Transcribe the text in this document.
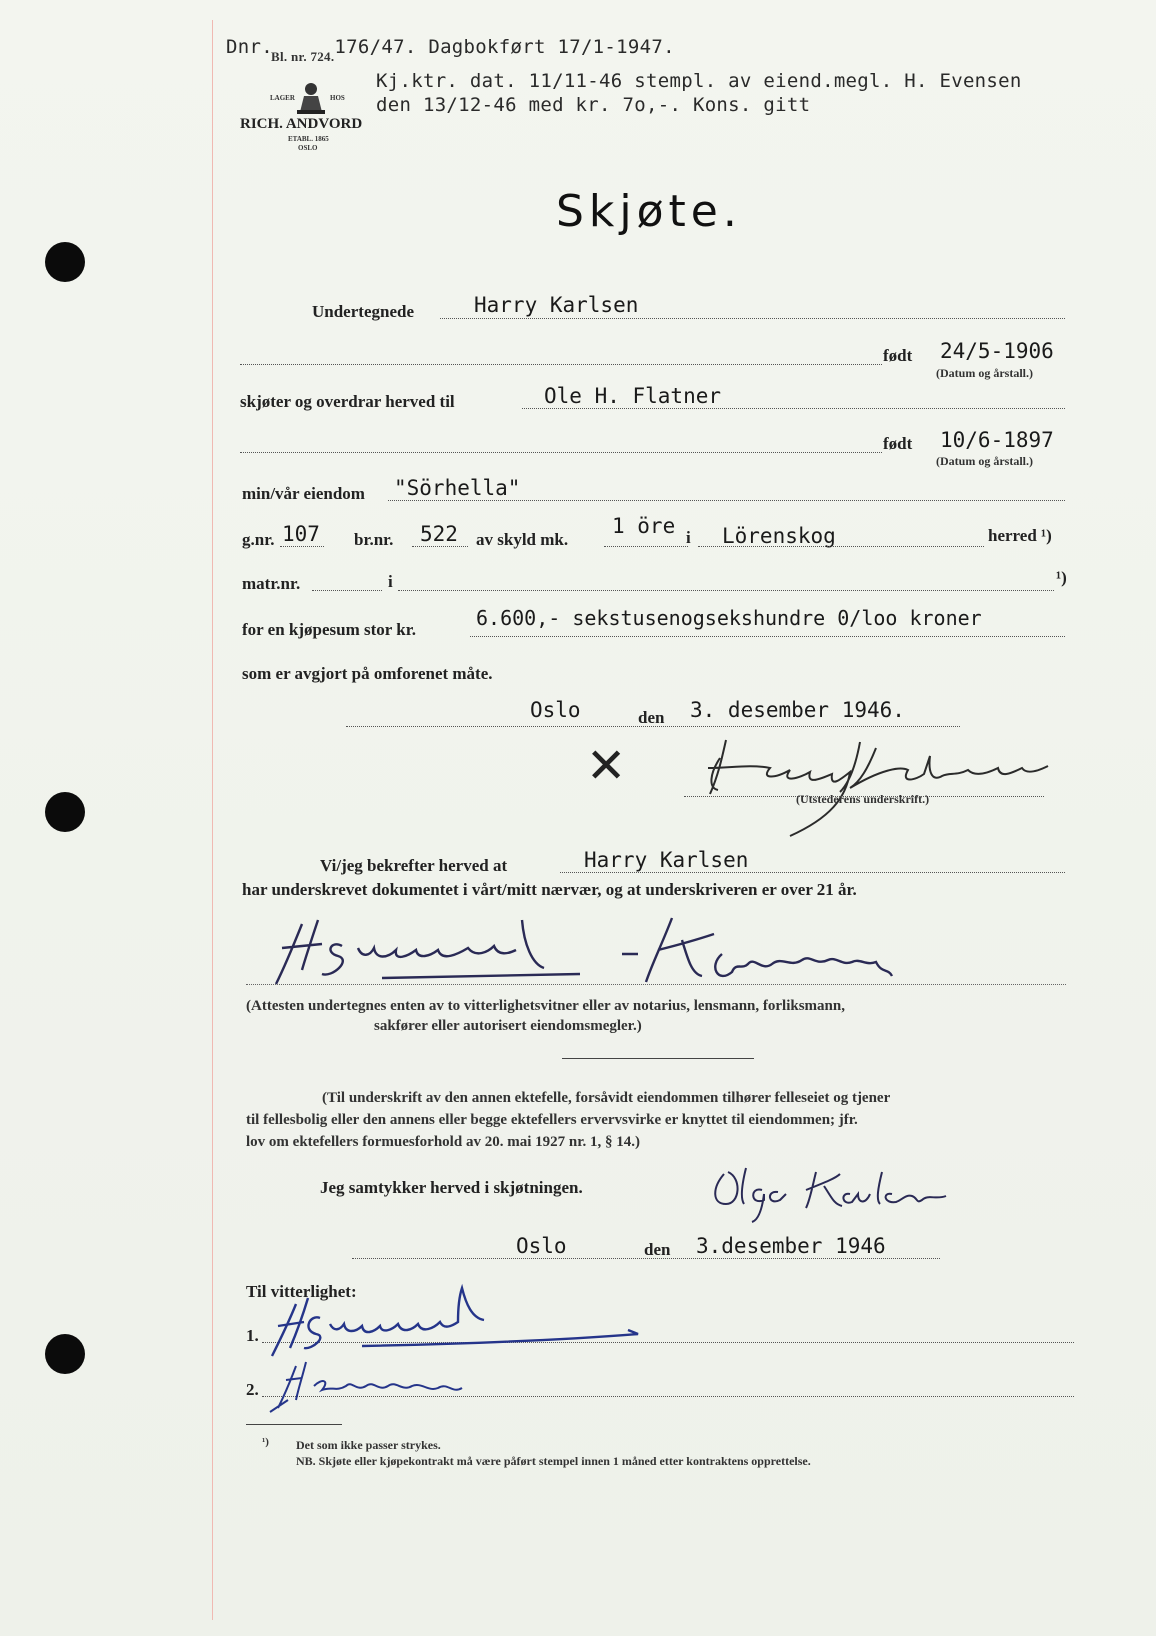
$Dnr._{Bl. nr. 724.}176/47$. Dagbokført 17/1-1947.
Kj.ktr. dat. 11/11-46 stempl. av eiend.megl. H. Evensen
den 13/12-46 med kr. 7o,-. Kons. gitt
LAGER	HOS
RICH. ANDVORD
ETABL. 1865
OSLO
Skjøte.
Undertegnede	Harry Karlsen
født 24/5-1906
(Datum og årstall.)
skjøter og overdrar herved til	Ole H. Flatner
født 10/6-1897
(Datum og årstall.)
min/vår eiendom "Sörhella"
g.nr. 107 br.nr. 522 av skyld mk.
1 öre i Lörenskog	herred ¹)
matr.nr.	i	¹)
for en kjøpesum stor kr.	6.600,- sekstusenogsekshundre 0/loo kroner
som er avgjort på omforenet måte.
Oslo	den 3. desember 1946.
✕
(Utstederens underskrift.)
Vi/jeg bekrefter herved at	Harry Karlsen
har underskrevet dokumentet i vårt/mitt nærvær, og at underskriveren er over 21 år.
(Attesten undertegnes enten av to vitterlighetsvitner eller av notarius, lensmann, forliksmann,
sakfører eller autorisert eiendomsmegler.)
(Til underskrift av den annen ektefelle, forsåvidt eiendommen tilhører felleseiet og tjener
til fellesbolig eller den annens eller begge ektefellers ervervsvirke er knyttet til eiendommen; jfr.
lov om ektefellers formuesforhold av 20. mai 1927 nr. 1, § 14.)
Jeg samtykker herved i skjøtningen.
Oslo	den 3.desember 1946
Til vitterlighet:
1.
2.
¹) Det som ikke passer strykes.
NB. Skjøte eller kjøpekontrakt må være påført stempel innen 1 måned etter kontraktens opprettelse.
